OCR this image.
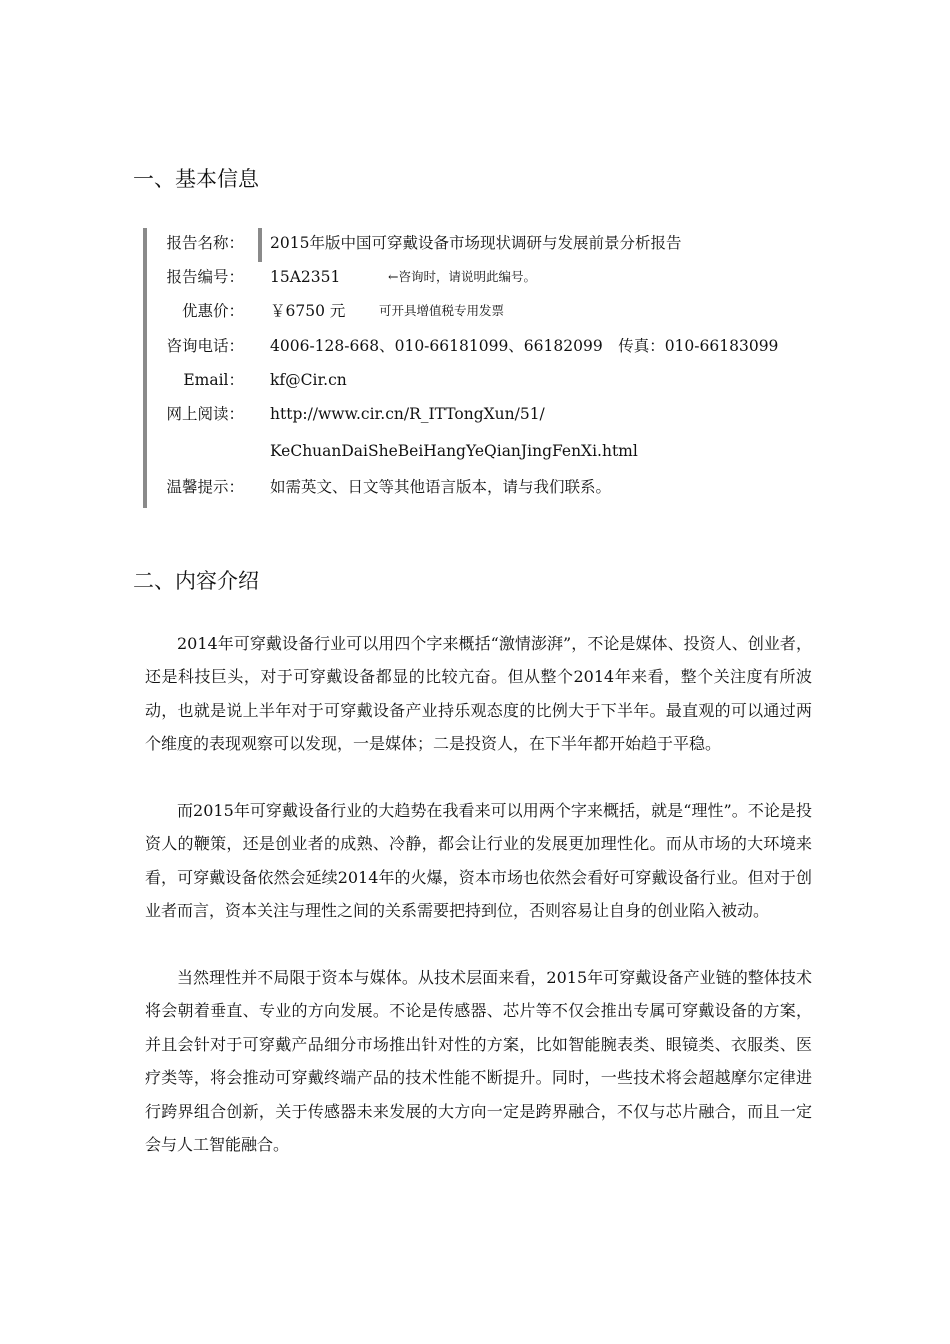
一、基本信息
报告名称： 2015年版中国可穿戴设备市场现状调研与发展前景分析报告
报告编号： 15A2351	←咨询时，请说明此编号。
优惠价： ￥6750 元	可开具增值税专用发票
咨询电话： 4006-128-668、010-66181099、66182099　传真：010-66183099
Email： kf@Cir.cn
网上阅读： http://www.cir.cn/R_ITTongXun/51/
KeChuanDaiSheBeiHangYeQianJingFenXi.html
温馨提示： 如需英文、日文等其他语言版本，请与我们联系。
二、内容介绍

2014年可穿戴设备行业可以用四个字来概括“激情澎湃”，不论是媒体、投资人、创业者，还是科技巨头，对于可穿戴设备都显的比较亢奋。但从整个2014年来看，整个关注度有所波动，也就是说上半年对于可穿戴设备产业持乐观态度的比例大于下半年。最直观的可以通过两个维度的表现观察可以发现，一是媒体；二是投资人，在下半年都开始趋于平稳。

而2015年可穿戴设备行业的大趋势在我看来可以用两个字来概括，就是“理性”。不论是投资人的鞭策，还是创业者的成熟、冷静，都会让行业的发展更加理性化。而从市场的大环境来看，可穿戴设备依然会延续2014年的火爆，资本市场也依然会看好可穿戴设备行业。但对于创业者而言，资本关注与理性之间的关系需要把持到位，否则容易让自身的创业陷入被动。

当然理性并不局限于资本与媒体。从技术层面来看，2015年可穿戴设备产业链的整体技术将会朝着垂直、专业的方向发展。不论是传感器、芯片等不仅会推出专属可穿戴设备的方案，并且会针对于可穿戴产品细分市场推出针对性的方案，比如智能腕表类、眼镜类、衣服类、医疗类等，将会推动可穿戴终端产品的技术性能不断提升。同时，一些技术将会超越摩尔定律进行跨界组合创新，关于传感器未来发展的大方向一定是跨界融合，不仅与芯片融合，而且一定会与人工智能融合。
